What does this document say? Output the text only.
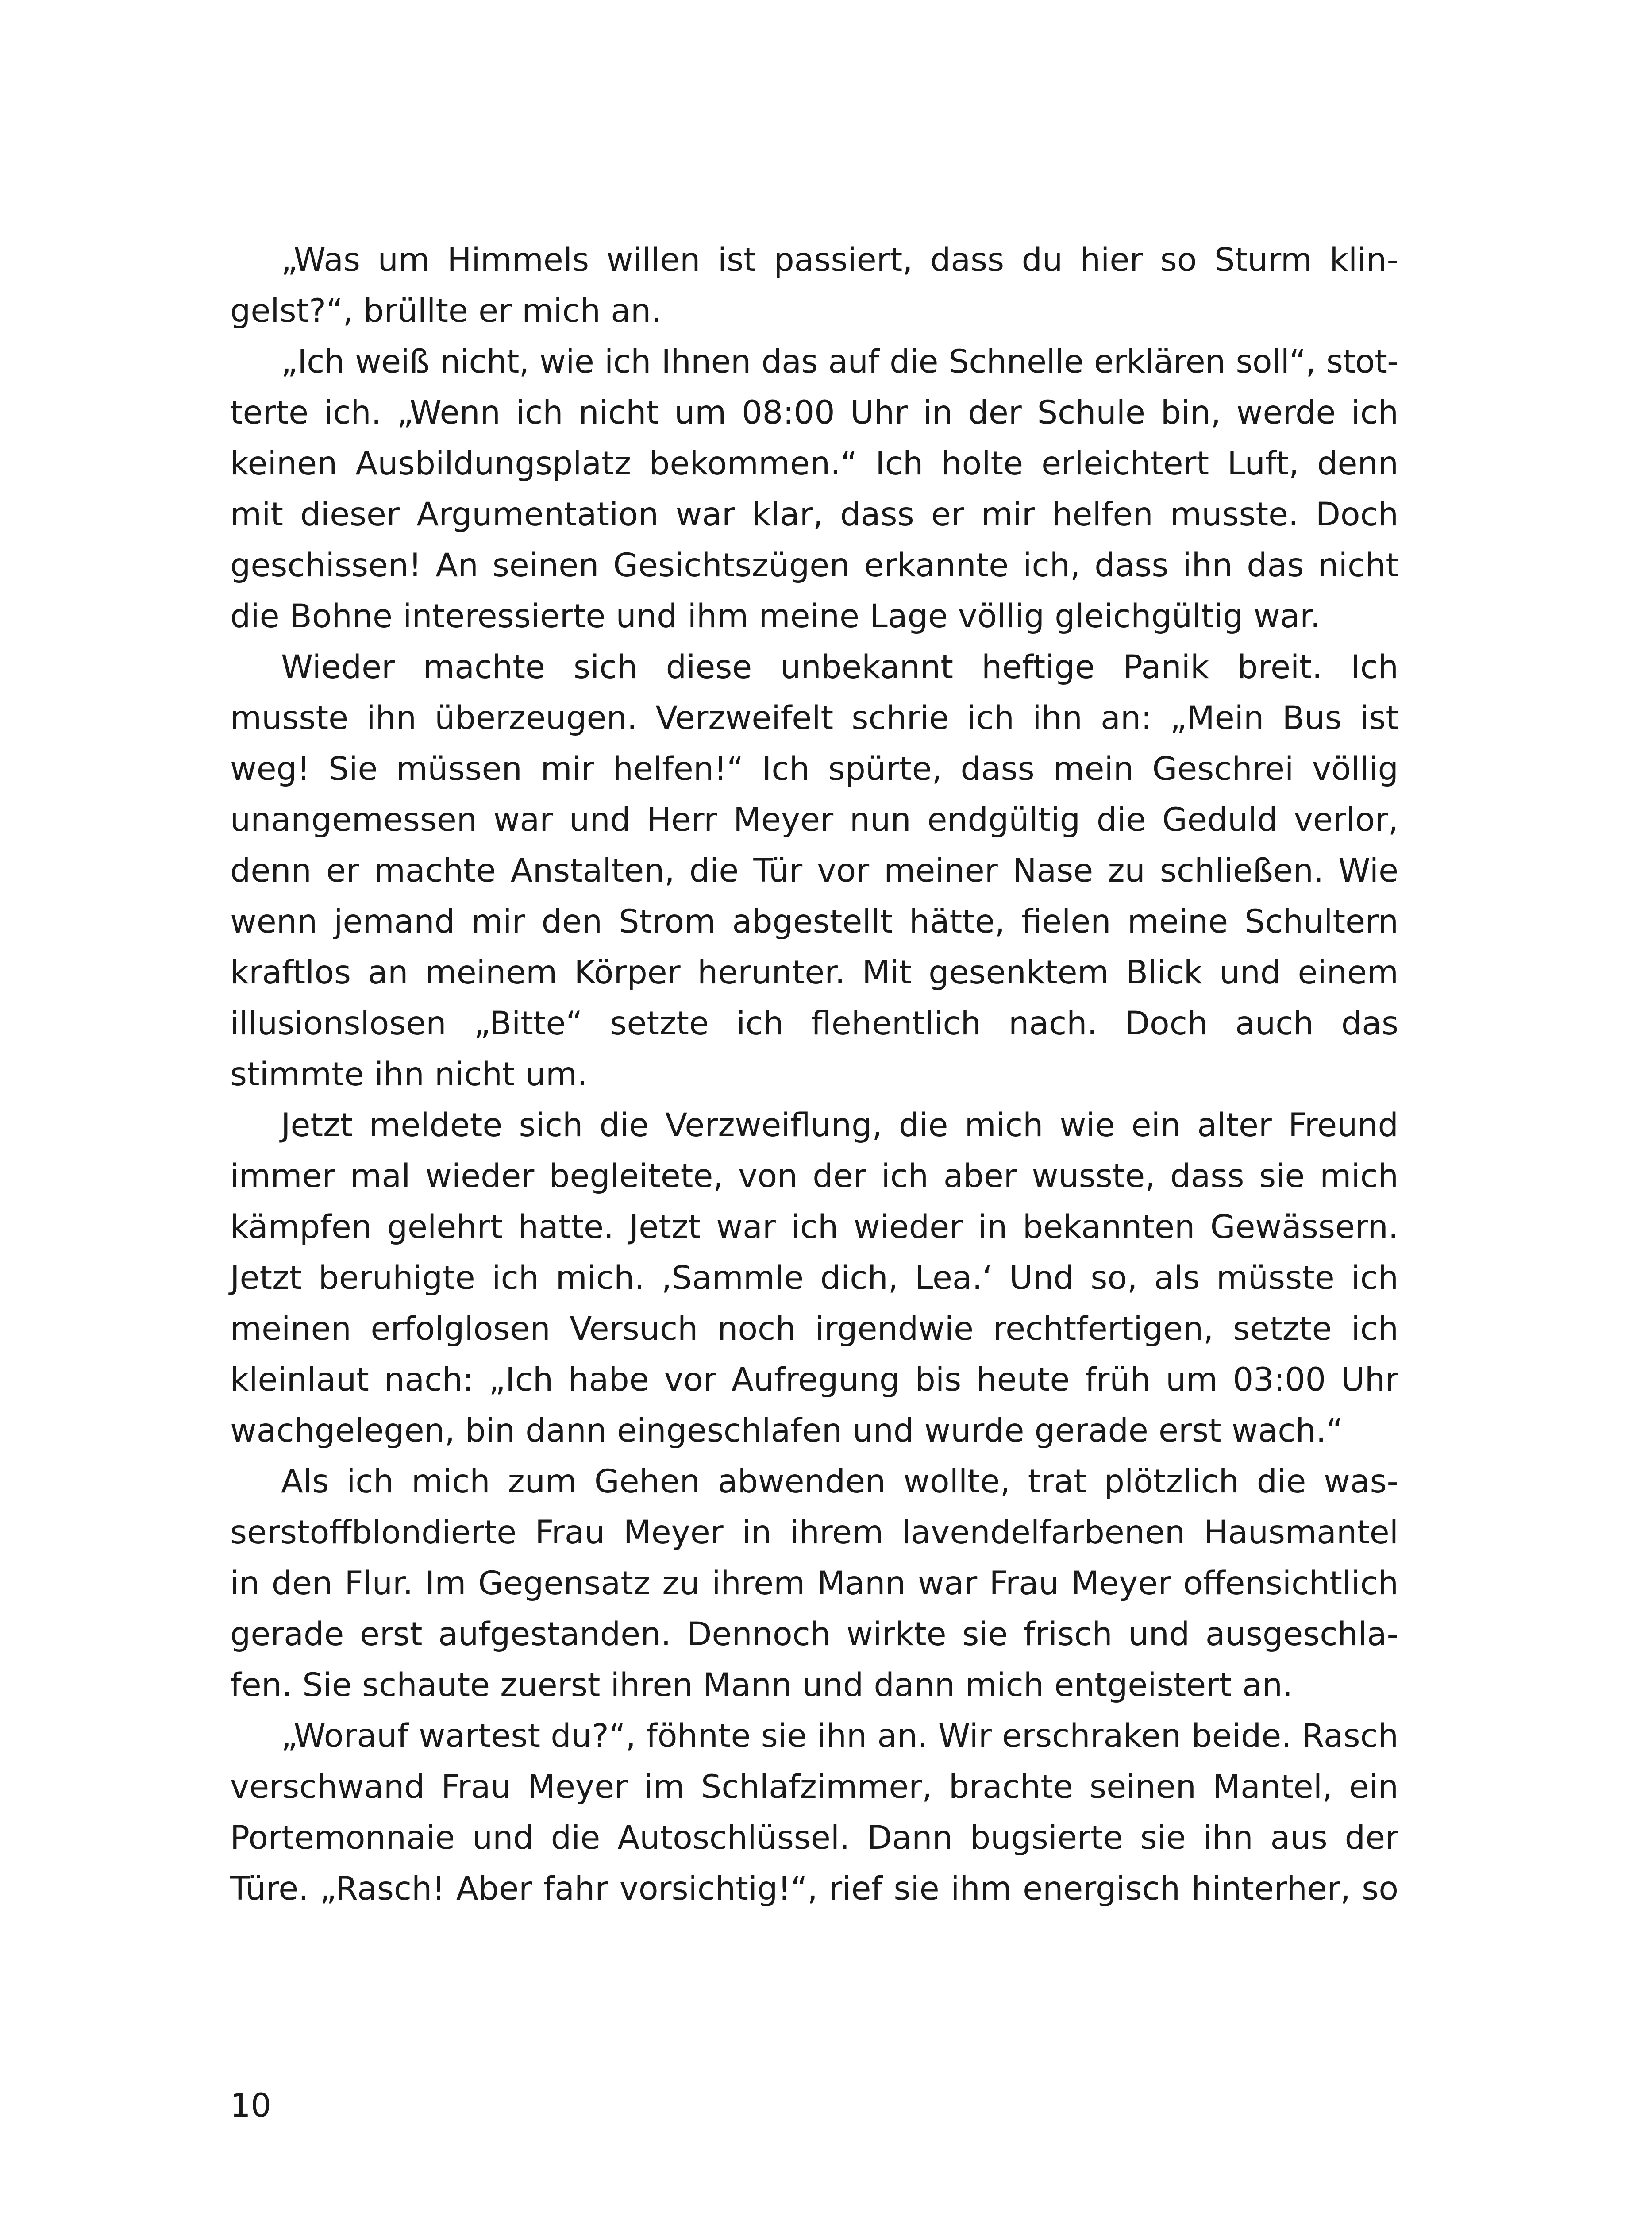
„Was um Himmels willen ist passiert, dass du hier so Sturm klin-
gelst?“, brüllte er mich an.
„Ich weiß nicht, wie ich Ihnen das auf die Schnelle erklären soll“, stot-
terte ich. „Wenn ich nicht um 08:00 Uhr in der Schule bin, werde ich
keinen Ausbildungsplatz bekommen.“ Ich holte erleichtert Luft, denn
mit dieser Argumentation war klar, dass er mir helfen musste. Doch
geschissen! An seinen Gesichtszügen erkannte ich, dass ihn das nicht
die Bohne interessierte und ihm meine Lage völlig gleichgültig war.
Wieder machte sich diese unbekannt heftige Panik breit. Ich
musste ihn überzeugen. Verzweifelt schrie ich ihn an: „Mein Bus ist
weg! Sie müssen mir helfen!“ Ich spürte, dass mein Geschrei völlig
unangemessen war und Herr Meyer nun endgültig die Geduld verlor,
denn er machte Anstalten, die Tür vor meiner Nase zu schließen. Wie
wenn jemand mir den Strom abgestellt hätte, fielen meine Schultern
kraftlos an meinem Körper herunter. Mit gesenktem Blick und einem
illusionslosen „Bitte“ setzte ich flehentlich nach. Doch auch das
stimmte ihn nicht um.
Jetzt meldete sich die Verzweiflung, die mich wie ein alter Freund
immer mal wieder begleitete, von der ich aber wusste, dass sie mich
kämpfen gelehrt hatte. Jetzt war ich wieder in bekannten Gewässern.
Jetzt beruhigte ich mich. ‚Sammle dich, Lea.‘ Und so, als müsste ich
meinen erfolglosen Versuch noch irgendwie rechtfertigen, setzte ich
kleinlaut nach: „Ich habe vor Aufregung bis heute früh um 03:00 Uhr
wachgelegen, bin dann eingeschlafen und wurde gerade erst wach.“
Als ich mich zum Gehen abwenden wollte, trat plötzlich die was-
serstoffblondierte Frau Meyer in ihrem lavendelfarbenen Hausmantel
in den Flur. Im Gegensatz zu ihrem Mann war Frau Meyer offensichtlich
gerade erst aufgestanden. Dennoch wirkte sie frisch und ausgeschla-
fen. Sie schaute zuerst ihren Mann und dann mich entgeistert an.
„Worauf wartest du?“, föhnte sie ihn an. Wir erschraken beide. Rasch
verschwand Frau Meyer im Schlafzimmer, brachte seinen Mantel, ein
Portemonnaie und die Autoschlüssel. Dann bugsierte sie ihn aus der
Türe. „Rasch! Aber fahr vorsichtig!“, rief sie ihm energisch hinterher, so
10
